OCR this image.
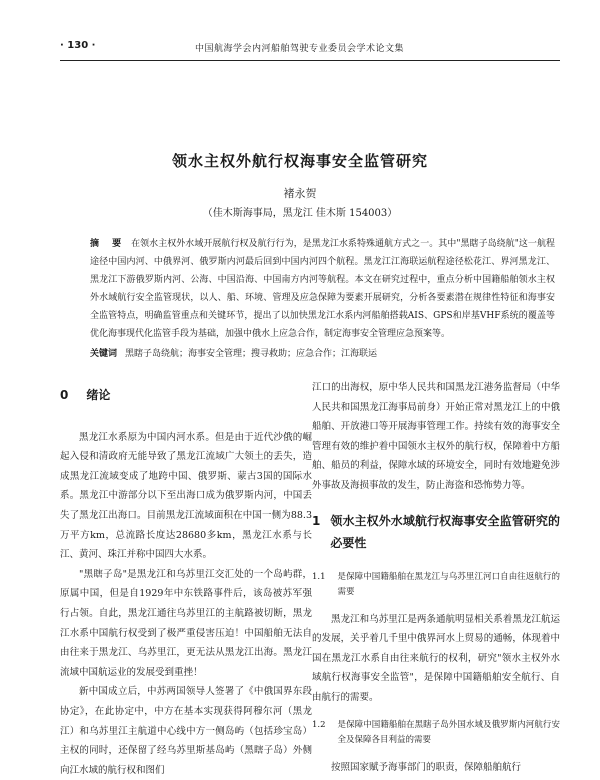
· 130 ·	中国航海学会内河船舶驾驶专业委员会学术论文集
领水主权外航行权海事安全监管研究
褚永贺
（佳木斯海事局，黑龙江 佳木斯 154003）
摘　要 在领水主权外水域开展航行权及航行行为，是黑龙江水系特殊通航方式之一。其中"黑瞎子岛绕航"这一航程途径中国内河、中俄界河、俄罗斯内河最后回到中国内河四个航程。黑龙江江海联运航程途径松花江、界河黑龙江、黑龙江下游俄罗斯内河、公海、中国沿海、中国南方内河等航程。本文在研究过程中，重点分析中国籍船舶领水主权外水域航行安全监管现状，以人、船、环境、管理及应急保障为要素开展研究，分析各要素潜在规律性特征和海事安全监管特点，明确监管重点和关键环节，提出了以加快黑龙江水系内河船舶搭载AIS、GPS和岸基VHF系统的覆盖等优化海事现代化监管手段为基础，加强中俄水上应急合作，制定海事安全管理应急预案等。
关键词 黑瞎子岛绕航；海事安全管理；搜寻救助；应急合作；江海联运
0 绪论

黑龙江水系原为中国内河水系。但是由于近代沙俄的崛起入侵和清政府无能导致了黑龙江流域广大领土的丢失，造成黑龙江流域变成了地跨中国、俄罗斯、蒙古3国的国际水系。黑龙江中游部分以下至出海口成为俄罗斯内河，中国丢失了黑龙江出海口。目前黑龙江流域面积在中国一侧为88.3万平方km，总流路长度达28680多km，黑龙江水系与长江、黄河、珠江并称中国四大水系。

"黑瞎子岛"是黑龙江和乌苏里江交汇处的一个岛屿群，原属中国，但是自1929年中东铁路事件后，该岛被苏军强行占领。自此，黑龙江通往乌苏里江的主航路被切断，黑龙江水系中国航行权受到了极严重侵害压迫！中国船舶无法自由往来于黑龙江、乌苏里江，更无法从黑龙江出海。黑龙江流域中国航运业的发展受到重挫！

新中国成立后，中苏两国领导人签署了《中俄国界东段协定》，在此协定中，中方在基本实现获得阿穆尔河（黑龙江）和乌苏里江主航道中心线中方一侧岛屿（包括珍宝岛）主权的同时，还保留了经乌苏里斯基岛屿（黑瞎子岛）外侧向江水域的航行权和图们

江口的出海权，原中华人民共和国黑龙江港务监督局（中华人民共和国黑龙江海事局前身）开始正常对黑龙江上的中俄船舶、开放港口等开展海事管理工作。持续有效的海事安全管理有效的维护着中国领水主权外的航行权，保障着中方船舶、船员的利益，保障水域的环境安全，同时有效地避免涉外事故及海损事故的发生，防止海盗和恐怖势力等。

1 领水主权外水域航行权海事安全监管研究的必要性
1.1 是保障中国籍船舶在黑龙江与乌苏里江河口自由往返航行的需要

黑龙江和乌苏里江是两条通航明显相关系着黑龙江航运的发展，关乎着几千里中俄界河水上贸易的通畅，体现着中国在黑龙江水系自由往来航行的权利，研究"领水主权外水域航行权海事安全监管"，是保障中国籍船舶安全航行、自由航行的需要。

1.2 是保障中国籍船舶在黑瞎子岛外国水域及俄罗斯内河航行安全及保障各目利益的需要

按照国家赋予海事部门的职责，保障船舶航行
